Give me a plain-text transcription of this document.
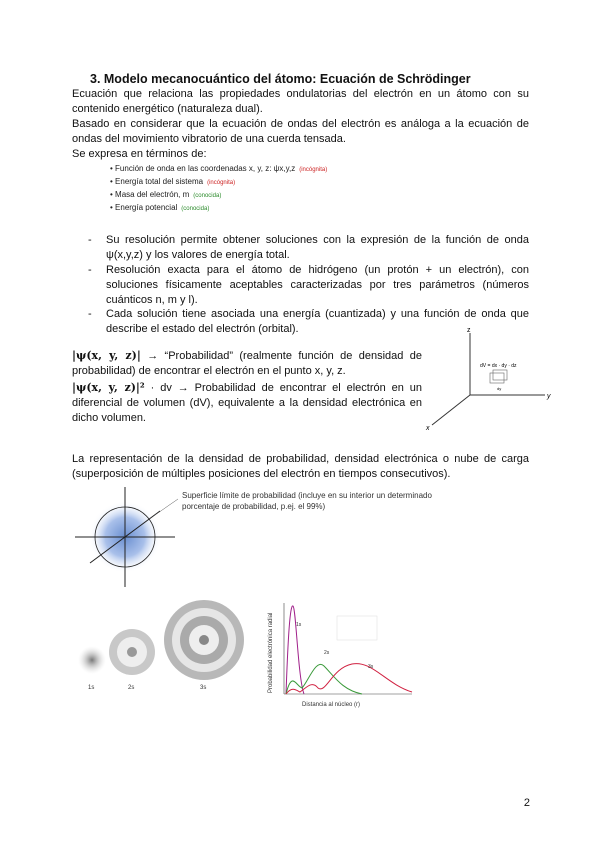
3. Modelo mecanocuántico del átomo: Ecuación de Schrödinger
Ecuación que relaciona las propiedades ondulatorias del electrón en un átomo con su contenido energético (naturaleza dual).
Basado en considerar que la ecuación de ondas del electrón es análoga a la ecuación de ondas del movimiento vibratorio de una cuerda tensada.
Se expresa en términos de:
• Función de onda en las coordenadas x, y, z: ψx,y,z (incógnita)
• Energía total del sistema (incógnita)
• Masa del electrón, m (conocida)
• Energía potencial (conocida)
- Su resolución permite obtener soluciones con la expresión de la función de onda ψ(x,y,z) y los valores de energía total.
- Resolución exacta para el átomo de hidrógeno (un protón + un electrón), con soluciones físicamente aceptables caracterizadas por tres parámetros (números cuánticos n, m y l).
- Cada solución tiene asociada una energía (cuantizada) y una función de onda que describe el estado del electrón (orbital).
|ψ(x, y, z)| → “Probabilidad” (realmente función de densidad de probabilidad) de encontrar el electrón en el punto x, y, z.
|ψ(x, y, z)|² · dv → Probabilidad de encontrar el electrón en un diferencial de volumen (dV), equivalente a la densidad electrónica en dicho volumen.
z
y
x
dV = dx · dy · dz
dy
La representación de la densidad de probabilidad, densidad electrónica o nube de carga (superposición de múltiples posiciones del electrón en tiempos consecutivos).
Superficie límite de probabilidad (incluye en su interior un determinado porcentaje de probabilidad, p.ej. el 99%)
1s	2s	3s	Probabilidad electrónica radial	1s
2s
3s
Distancia al núcleo (r)
2
